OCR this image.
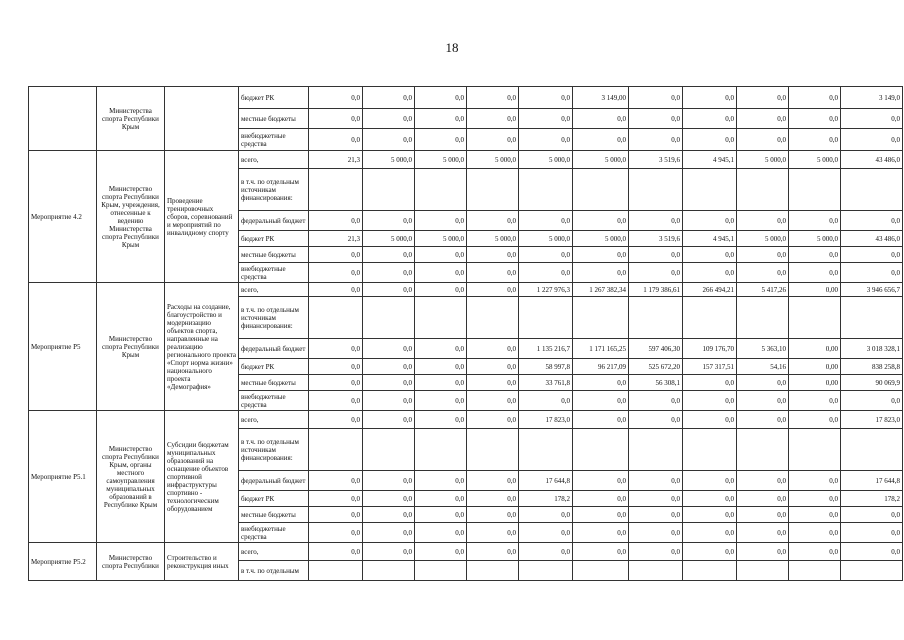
18
	Министерства спорта Республики Крым		бюджет РК	0,0	0,0	0,0	0,0	0,0	3 149,00	0,0	0,0	0,0	0,0	3 149,0
			местные бюджеты	0,0	0,0	0,0	0,0	0,0	0,0	0,0	0,0	0,0	0,0	0,0
			внебюджетные средства	0,0	0,0	0,0	0,0	0,0	0,0	0,0	0,0	0,0	0,0	0,0
Мероприятие 4.2	Министерство спорта Республики Крым, учреждения, отнесенные к ведению Министерства спорта Республики Крым	Проведение тренировочных сборов, соревнований и мероприятий по инвалидному спорту	всего,	21,3	5 000,0	5 000,0	5 000,0	5 000,0	5 000,0	3 519,6	4 945,1	5 000,0	5 000,0	43 486,0
			в т.ч. по отдельным источникам финансирования:											
			федеральный бюджет	0,0	0,0	0,0	0,0	0,0	0,0	0,0	0,0	0,0	0,0	0,0
			бюджет РК	21,3	5 000,0	5 000,0	5 000,0	5 000,0	5 000,0	3 519,6	4 945,1	5 000,0	5 000,0	43 486,0
			местные бюджеты	0,0	0,0	0,0	0,0	0,0	0,0	0,0	0,0	0,0	0,0	0,0
			внебюджетные средства	0,0	0,0	0,0	0,0	0,0	0,0	0,0	0,0	0,0	0,0	0,0
Мероприятие Р5	Министерство спорта Республики Крым	Расходы на создание, благоустройство и модернизацию объектов спорта, направленные на реализацию регионального проекта «Спорт норма жизни» национального проекта «Демография»	всего,	0,0	0,0	0,0	0,0	1 227 976,3	1 267 382,34	1 179 386,61	266 494,21	5 417,26	0,00	3 946 656,7
			в т.ч. по отдельным источникам финансирования:											
			федеральный бюджет	0,0	0,0	0,0	0,0	1 135 216,7	1 171 165,25	597 406,30	109 176,70	5 363,10	0,00	3 018 328,1
			бюджет РК	0,0	0,0	0,0	0,0	58 997,8	96 217,09	525 672,20	157 317,51	54,16	0,00	838 258,8
			местные бюджеты	0,0	0,0	0,0	0,0	33 761,8	0,0	56 308,1	0,0	0,0	0,00	90 069,9
			внебюджетные средства	0,0	0,0	0,0	0,0	0,0	0,0	0,0	0,0	0,0	0,0	0,0
Мероприятие Р5.1	Министерство спорта Республики Крым, органы местного самоуправления муниципальных образований в Республике Крым	Субсидии бюджетам муниципальных образований на оснащение объектов спортивной инфраструктуры спортивно - технологическим оборудованием	всего,	0,0	0,0	0,0	0,0	17 823,0	0,0	0,0	0,0	0,0	0,0	17 823,0
			в т.ч. по отдельным источникам финансирования:											
			федеральный бюджет	0,0	0,0	0,0	0,0	17 644,8	0,0	0,0	0,0	0,0	0,0	17 644,8
			бюджет РК	0,0	0,0	0,0	0,0	178,2	0,0	0,0	0,0	0,0	0,0	178,2
			местные бюджеты	0,0	0,0	0,0	0,0	0,0	0,0	0,0	0,0	0,0	0,0	0,0
			внебюджетные средства	0,0	0,0	0,0	0,0	0,0	0,0	0,0	0,0	0,0	0,0	0,0
Мероприятие Р5.2	Министерство спорта Республики	Строительство и реконструкция иных	всего,	0,0	0,0	0,0	0,0	0,0	0,0	0,0	0,0	0,0	0,0	0,0
			в т.ч. по отдельным											
